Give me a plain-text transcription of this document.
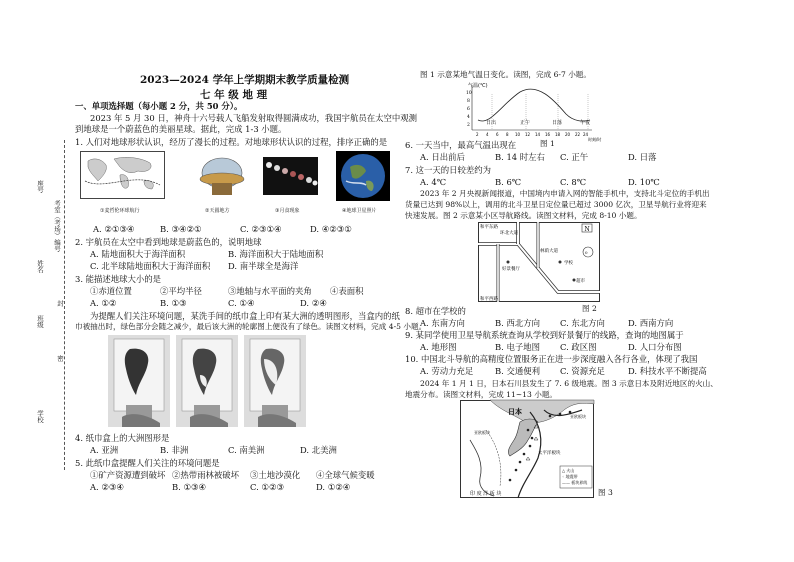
座号
考室（考场）编号
姓名
封
班级
密
学校
2023—2024 学年上学期期末教学质量检测
七 年 级 地 理
一、单项选择题（每小题 2 分，共 50 分）。
2023 年 5 月 30 日，神舟十六号载人飞船发射取得圆满成功，我国宇航员在太空中观测
到地球是一个蔚蓝色的美丽星球。据此，完成 1-3 小题。
1. 人们对地球形状认识，经历了漫长的过程。对地球形状认识的过程，排序正确的是
①麦哲伦环球航行	②天圆地方	③月食现象	④地球卫星照片
A. ②①③④	B. ③④②①	C. ②③①④	D. ④②③①
2. 宇航员在太空中看到地球是蔚蓝色的，说明地球
A. 陆地面积大于海洋面积	B. 海洋面积大于陆地面积
C. 北半球陆地面积大于海洋面积 D. 南半球全是海洋
3. 能描述地球大小的是
①赤道位置	②平均半径	③地轴与水平面的夹角 ④表面积
A. ①②	B. ①③	C. ①④	D. ②④
为提醒人们关注环境问题，某洗手间的纸巾盒上印有某大洲的透明图形，当盒内的纸
巾被抽出时，绿色部分会随之减少，最后该大洲的轮廓图上便没有了绿色。读图文材料，完成 4-5 小题。
4. 纸巾盒上的大洲图形是
A. 亚洲	B. 非洲	C. 南美洲	D. 北美洲
5. 此纸巾盒提醒人们关注的环境问题是
①矿产资源遭到破坏 ②热带雨林被破坏 ③土地沙漠化 ④全球气候变暖
A. ②③④	B. ①③④	C. ①②③	D. ①②④
图 1 示意某地气温日变化。读图，完成 6-7 小题。
气温(℃)
10
8
6
4
2	日出	正午	日落	午夜
2 4 6 8 10 12 14 16 18 20 22 24
时刻/时
图 1
6. 一天当中，最高气温出现在
A. 日出前后	B. 14 时左右 C. 正午	D. 日落
7. 这一天的日较差约为
A. 4℃	B. 6℃	C. 8℃	D. 10℃
2023 年 2 月央视新闻报道，中国境内申请入网的智能手机中，支持北斗定位的手机出
货量已达到 98%以上，调用的北斗卫星日定位量已超过 3000 亿次，卫星导航行业将迎来
快速发展。图 2 示意某小区导航路线。读图文材料，完成 8-10 小题。
N
0
和平东路
环北大道
林荫大道
和平西路
好景餐厅
学校
超市
图 2
8. 超市在学校的
A. 东南方向	B. 西北方向 C. 东北方向	D. 西南方向
9. 某同学使用卫星导航系统查询从学校到好景餐厅的线路，查询的地图属于
A. 地形图	B. 电子地图 C. 政区图	D. 人口分布图
10. 中国北斗导航的高精度位置服务正在进一步深度融入各行各业，体现了我国
A. 劳动力充足	B. 交通便利 C. 资源充足	D. 科技水平不断提高
2024 年 1 月 1 日，日本石川县发生了 7. 6 级地震。图 3 示意日本及附近地区的火山、
地震分布。读图文材料，完成 11~13 小题。
日本
亚欧板块
太平洋板块
亚欧板块
印 度 洋 板 块
△ 火山
◦ 地震带
—— 板块界线
图 3
